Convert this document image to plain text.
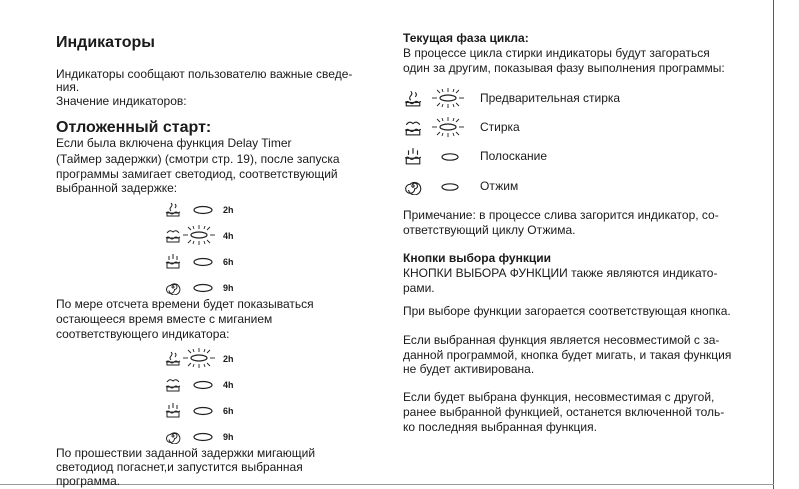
Индикаторы
Индикаторы сообщают пользователю важные сведе-
ния.
Значение индикаторов:
Отложенный старт:
Если была включена функция Delay Timer
(Таймер задержки) (смотри стр. 19), после запуска
программы замигает светодиод, соответствующий
выбранной задержке:
2h
4h
6h
9h
По мере отсчета времени будет показываться
остающееся время вместе с миганием
соответствующего индикатора:
2h
4h
6h
9h
По прошествии заданной задержки мигающий
светодиод погаснет,и запустится выбранная
программа.
Текущая фаза цикла:
В процессе цикла стирки индикаторы будут загораться
один за другим, показывая фазу выполнения программы:
Предварительная стирка
Стирка
Полоскание
Отжим
Примечание: в процессе слива загорится индикатор, со-
ответствующий циклу Отжима.
Кнопки выбора функции
КНОПКИ ВЫБОРА ФУНКЦИИ также являются индикато-
рами.
При выборе функции загорается соответствующая кнопка.
Если выбранная функция является несовместимой с за-
данной программой, кнопка будет мигать, и такая функция
не будет активирована.
Если будет выбрана функция, несовместимая с другой,
ранее выбранной функцией, останется включенной толь-
ко последняя выбранная функция.
